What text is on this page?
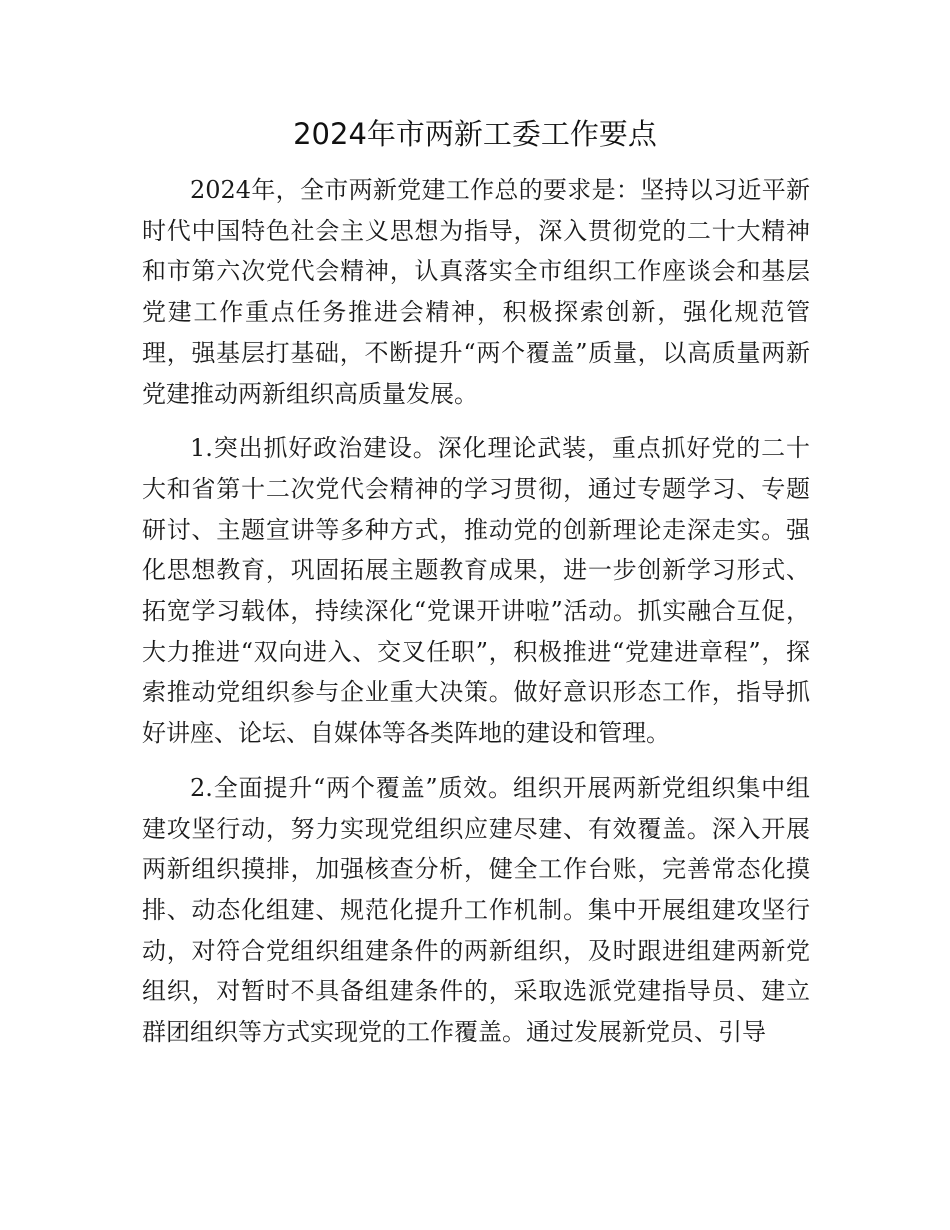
2024年市两新工委工作要点

2024年，全市两新党建工作总的要求是：坚持以习近平新时代中国特色社会主义思想为指导，深入贯彻党的二十大精神和市第六次党代会精神，认真落实全市组织工作座谈会和基层党建工作重点任务推进会精神，积极探索创新，强化规范管理，强基层打基础，不断提升“两个覆盖”质量，以高质量两新党建推动两新组织高质量发展。

1.突出抓好政治建设。深化理论武装，重点抓好党的二十大和省第十二次党代会精神的学习贯彻，通过专题学习、专题研讨、主题宣讲等多种方式，推动党的创新理论走深走实。强化思想教育，巩固拓展主题教育成果，进一步创新学习形式、拓宽学习载体，持续深化“党课开讲啦”活动。抓实融合互促，大力推进“双向进入、交叉任职”，积极推进“党建进章程”，探索推动党组织参与企业重大决策。做好意识形态工作，指导抓好讲座、论坛、自媒体等各类阵地的建设和管理。

2.全面提升“两个覆盖”质效。组织开展两新党组织集中组建攻坚行动，努力实现党组织应建尽建、有效覆盖。深入开展两新组织摸排，加强核查分析，健全工作台账，完善常态化摸排、动态化组建、规范化提升工作机制。集中开展组建攻坚行动，对符合党组织组建条件的两新组织，及时跟进组建两新党组织，对暂时不具备组建条件的，采取选派党建指导员、建立群团组织等方式实现党的工作覆盖。通过发展新党员、引导
